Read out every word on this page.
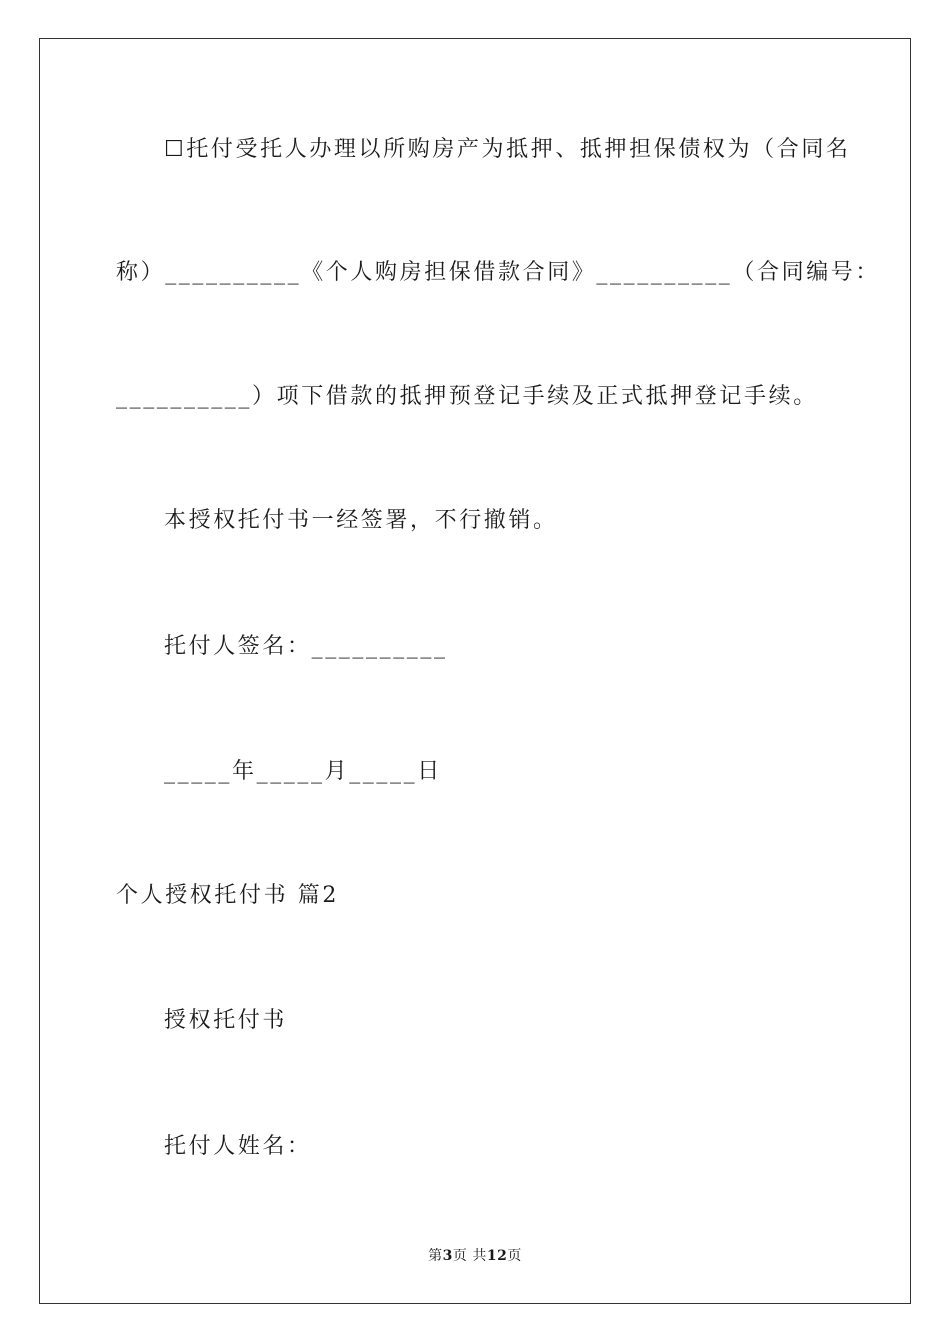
☐托付受托人办理以所购房产为抵押、抵押担保债权为（合同名
称）__________《个人购房担保借款合同》__________（合同编号：
__________）项下借款的抵押预登记手续及正式抵押登记手续。
本授权托付书一经签署，不行撤销。
托付人签名：__________
_____年_____月_____日
个人授权托付书 篇2
授权托付书
托付人姓名：
第3页 共12页
